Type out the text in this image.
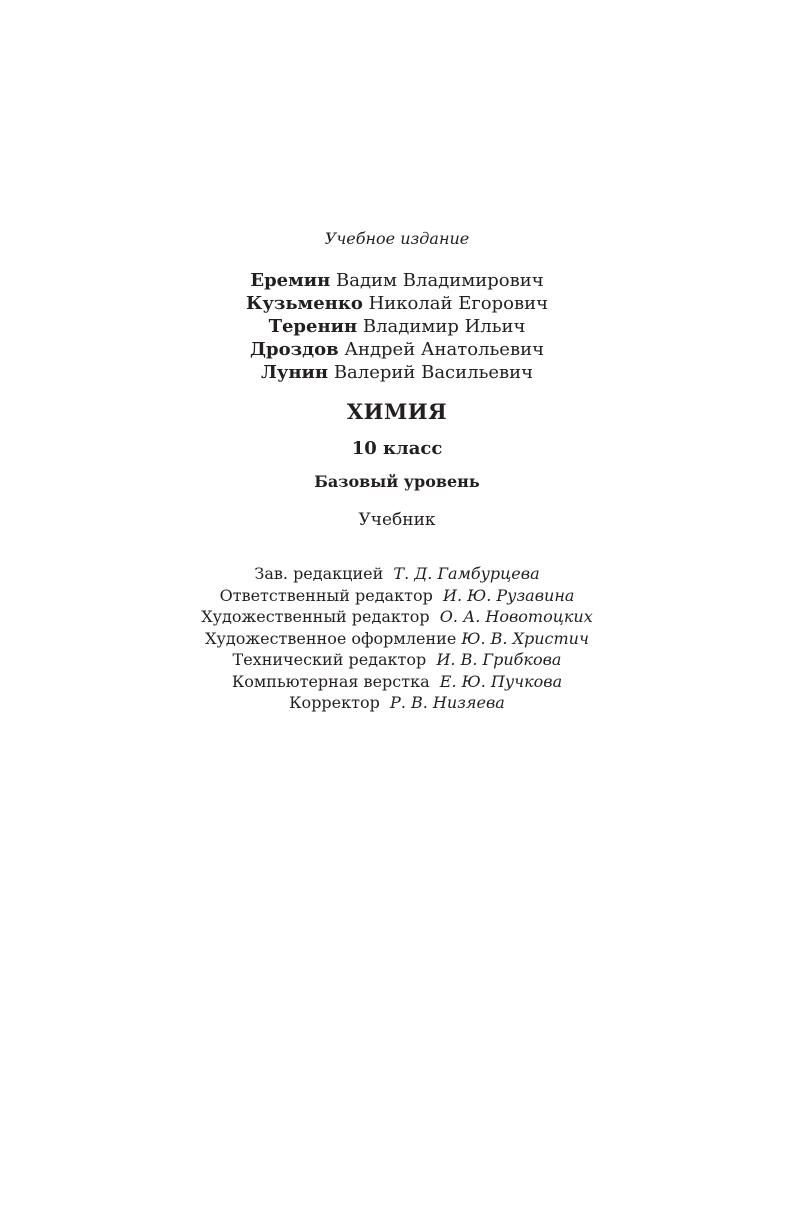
Учебное издание
Еремин Вадим Владимирович
Кузьменко Николай Егорович
Теренин Владимир Ильич
Дроздов Андрей Анатольевич
Лунин Валерий Васильевич
ХИМИЯ
10 класс
Базовый уровень
Учебник
Зав. редакцией Т. Д. Гамбурцева
Ответственный редактор И. Ю. Рузавина
Художественный редактор О. А. Новотоцких
Художественное оформление Ю. В. Христич
Технический редактор И. В. Грибкова
Компьютерная верстка Е. Ю. Пучкова
Корректор Р. В. Низяева
